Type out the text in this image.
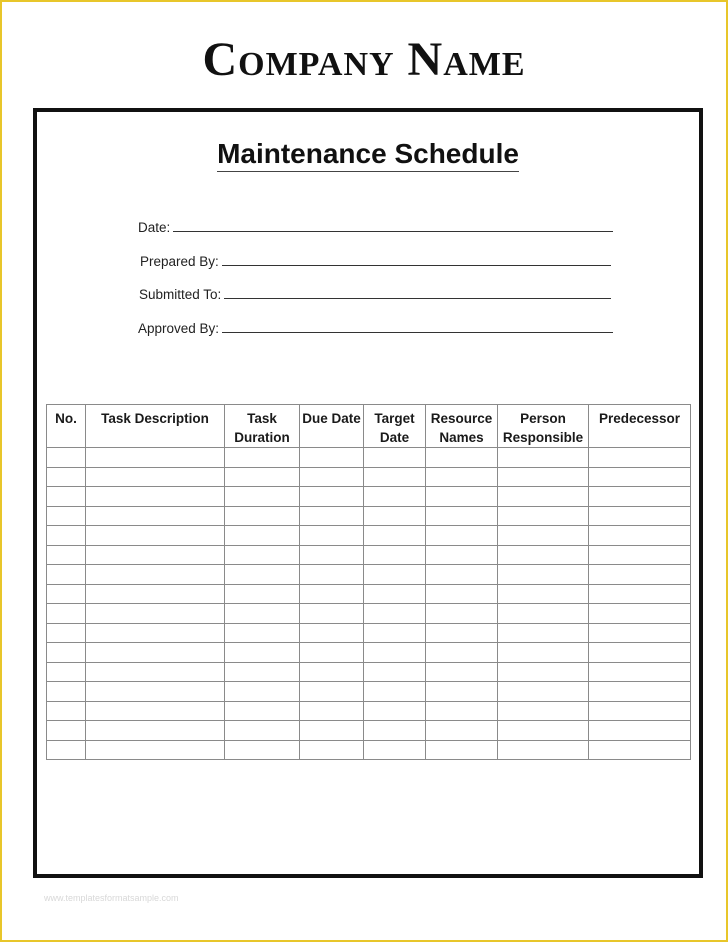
Company Name
Maintenance Schedule
Date:
Prepared By:
Submitted To:
Approved By:
No.	Task Description	Task Duration	Due Date	Target Date	Resource Names	Person Responsible	Predecessor

www.templatesformatsample.com
